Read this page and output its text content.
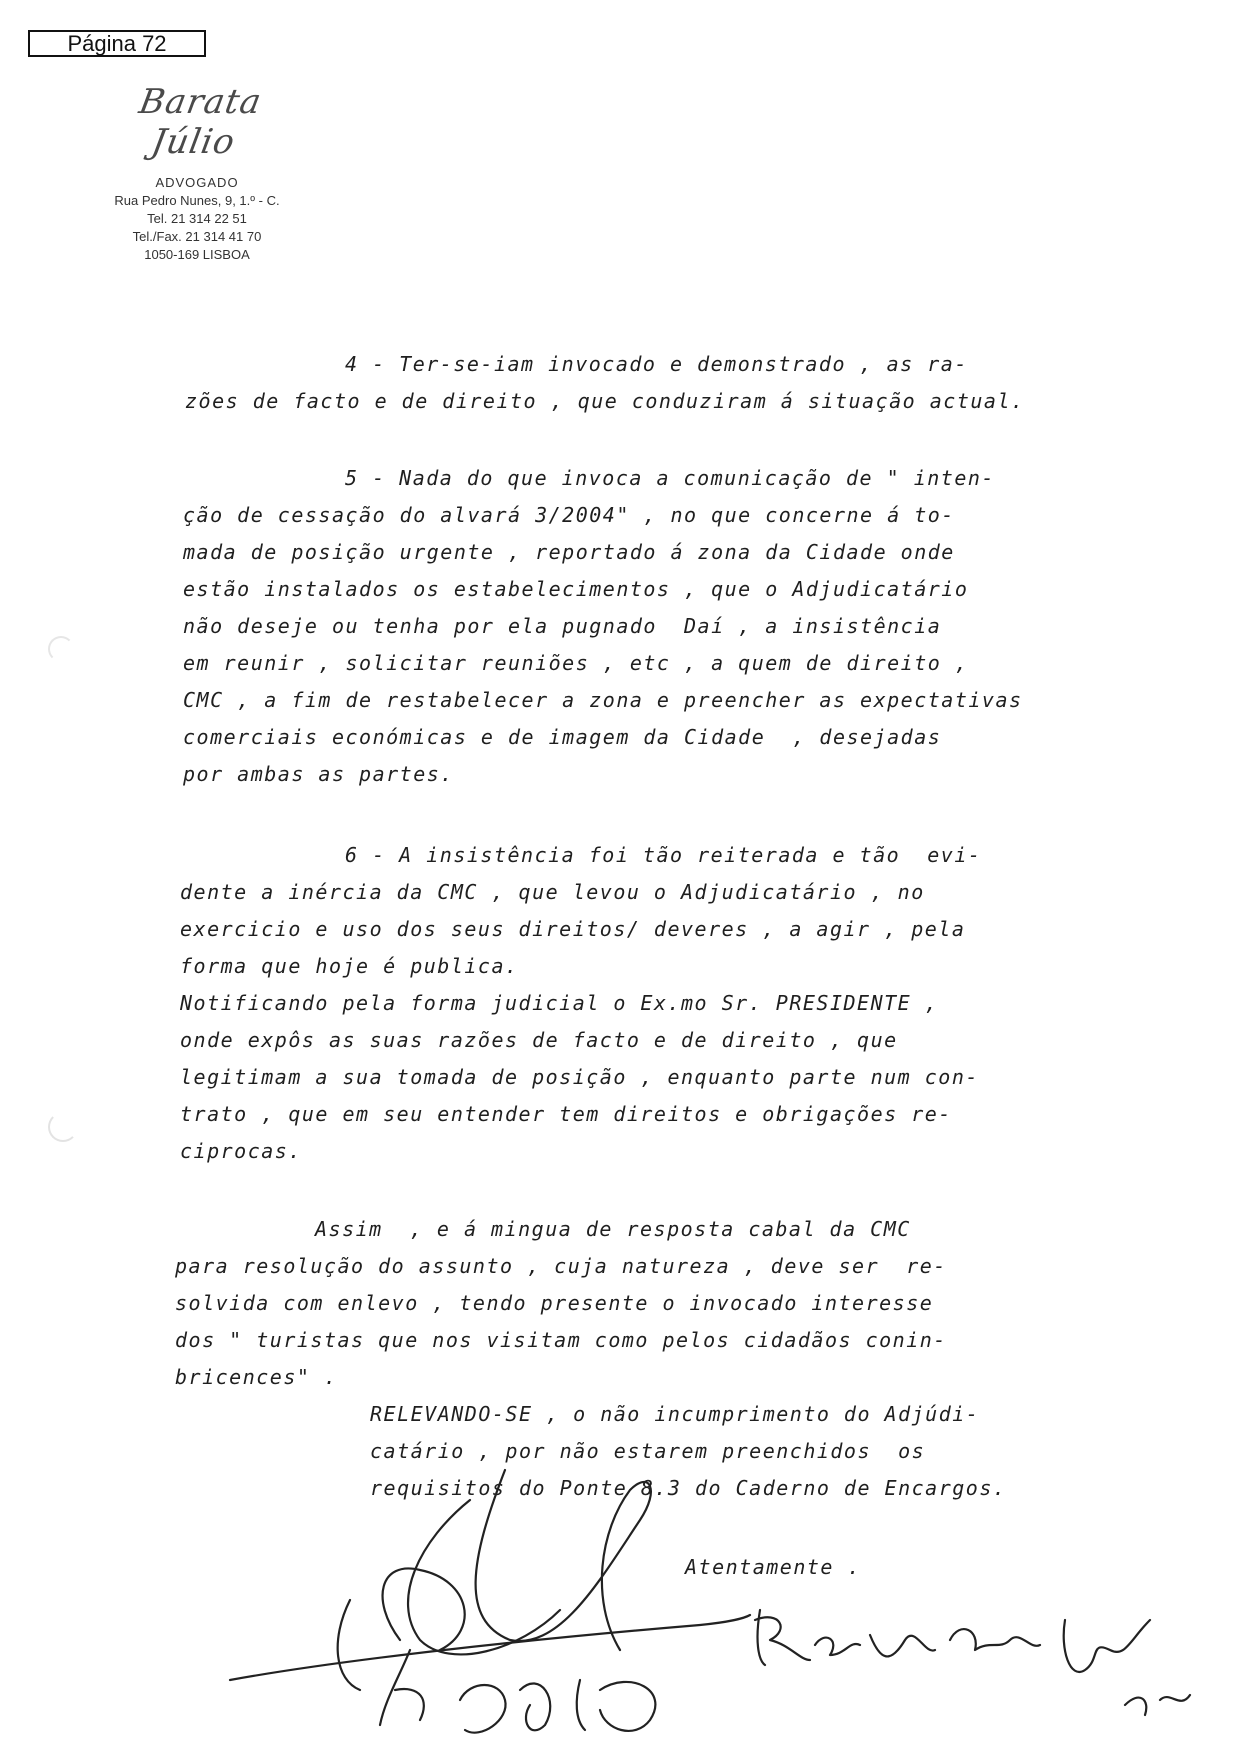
Página 72
Barata Júlio
ADVOGADO
Rua Pedro Nunes, 9, 1.º - C.
Tel. 21 314 22 51
Tel./Fax. 21 314 41 70
1050-169 LISBOA
4 - Ter-se-iam invocado e demonstrado , as ra-
zões de facto e de direito , que conduziram á situação actual.
5 - Nada do que invoca a comunicação de " inten-
ção de cessação do alvará 3/2004" , no que concerne á to-
mada de posição urgente , reportado á zona da Cidade onde
estão instalados os estabelecimentos , que o Adjudicatário
não deseje ou tenha por ela pugnado  Daí , a insistência
em reunir , solicitar reuniões , etc , a quem de direito ,
CMC , a fim de restabelecer a zona e preencher as expectativas
comerciais económicas e de imagem da Cidade  , desejadas
por ambas as partes.
6 - A insistência foi tão reiterada e tão  evi-
dente a inércia da CMC , que levou o Adjudicatário , no
exercicio e uso dos seus direitos/ deveres , a agir , pela
forma que hoje é publica.
Notificando pela forma judicial o Ex.mo Sr. PRESIDENTE ,
onde expôs as suas razões de facto e de direito , que
legitimam a sua tomada de posição , enquanto parte num con-
trato , que em seu entender tem direitos e obrigações re-
ciprocas.
Assim  , e á mingua de resposta cabal da CMC
para resolução do assunto , cuja natureza , deve ser  re-
solvida com enlevo , tendo presente o invocado interesse
dos " turistas que nos visitam como pelos cidadãos conin-
bricences" .
RELEVANDO-SE , o não incumprimento do Adjúdi-
catário , por não estarem preenchidos  os
requisitos do Ponte 8.3 do Caderno de Encargos.
Atentamente .
